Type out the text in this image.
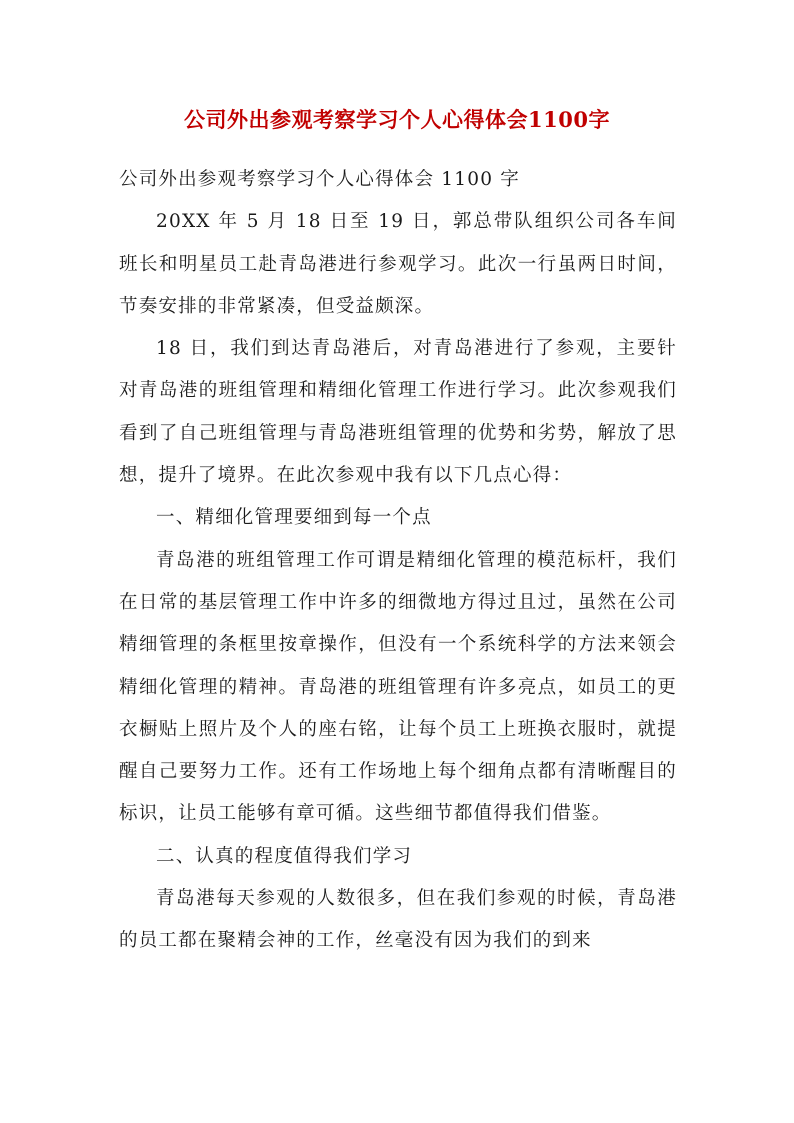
公司外出参观考察学习个人心得体会1100字

公司外出参观考察学习个人心得体会 1100 字

20XX 年 5 月 18 日至 19 日，郭总带队组织公司各车间班长和明星员工赴青岛港进行参观学习。此次一行虽两日时间，节奏安排的非常紧凑，但受益颇深。

18 日，我们到达青岛港后，对青岛港进行了参观，主要针对青岛港的班组管理和精细化管理工作进行学习。此次参观我们看到了自己班组管理与青岛港班组管理的优势和劣势，解放了思想，提升了境界。在此次参观中我有以下几点心得：

一、精细化管理要细到每一个点

青岛港的班组管理工作可谓是精细化管理的模范标杆，我们在日常的基层管理工作中许多的细微地方得过且过，虽然在公司精细管理的条框里按章操作，但没有一个系统科学的方法来领会精细化管理的精神。青岛港的班组管理有许多亮点，如员工的更衣橱贴上照片及个人的座右铭，让每个员工上班换衣服时，就提醒自己要努力工作。还有工作场地上每个细角点都有清晰醒目的标识，让员工能够有章可循。这些细节都值得我们借鉴。

二、认真的程度值得我们学习

青岛港每天参观的人数很多，但在我们参观的时候，青岛港的员工都在聚精会神的工作，丝毫没有因为我们的到来
